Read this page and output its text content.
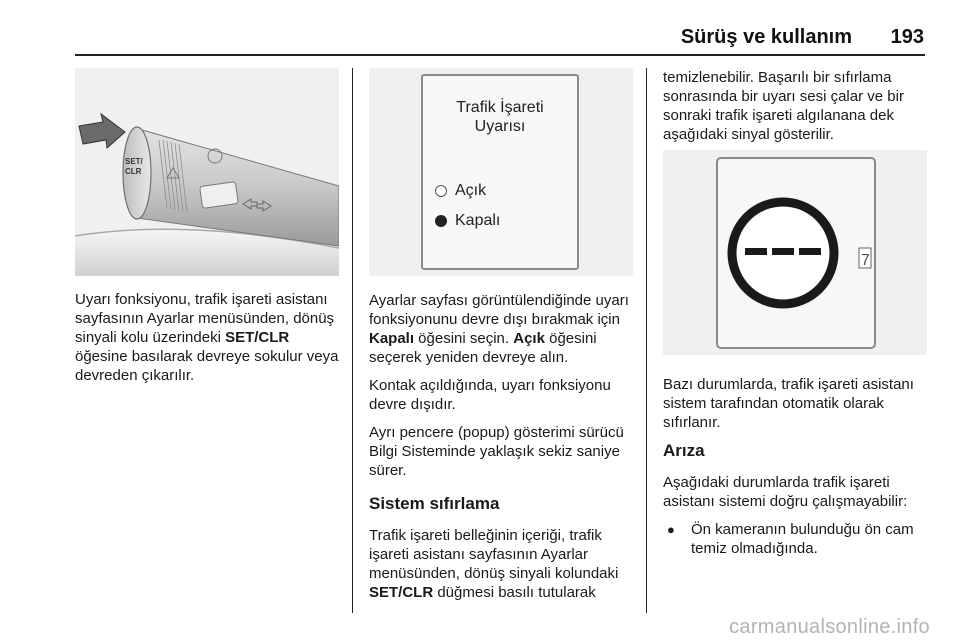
Sürüş ve kullanım	193
SET/
CLR

Uyarı fonksiyonu, trafik işareti asistanı sayfasının Ayarlar menüsünden, dönüş sinyali kolu üzerindeki SET/CLR öğesine basılarak devreye sokulur veya devreden çıkarılır.

Trafik İşareti
Uyarısı
Açık
Kapalı

Ayarlar sayfası görüntülendiğinde uyarı fonksiyonunu devre dışı bırakmak için Kapalı öğesini seçin. Açık öğesini seçerek yeniden devreye alın.

Kontak açıldığında, uyarı fonksiyonu devre dışıdır.

Ayrı pencere (popup) gösterimi sürücü Bilgi Sisteminde yaklaşık sekiz saniye sürer.

Sistem sıfırlama

Trafik işareti belleğinin içeriği, trafik işareti asistanı sayfasının Ayarlar menüsünden, dönüş sinyali kolundaki SET/CLR düğmesi basılı tutularak

temizlenebilir. Başarılı bir sıfırlama sonrasında bir uyarı sesi çalar ve bir sonraki trafik işareti algılanana dek aşağıdaki sinyal gösterilir.

7

Bazı durumlarda, trafik işareti asistanı sistem tarafından otomatik olarak sıfırlanır.

Arıza

Aşağıdaki durumlarda trafik işareti asistanı sistemi doğru çalışmayabilir:

●	Ön kameranın bulunduğu ön cam temiz olmadığında.
carmanualsonline.info
